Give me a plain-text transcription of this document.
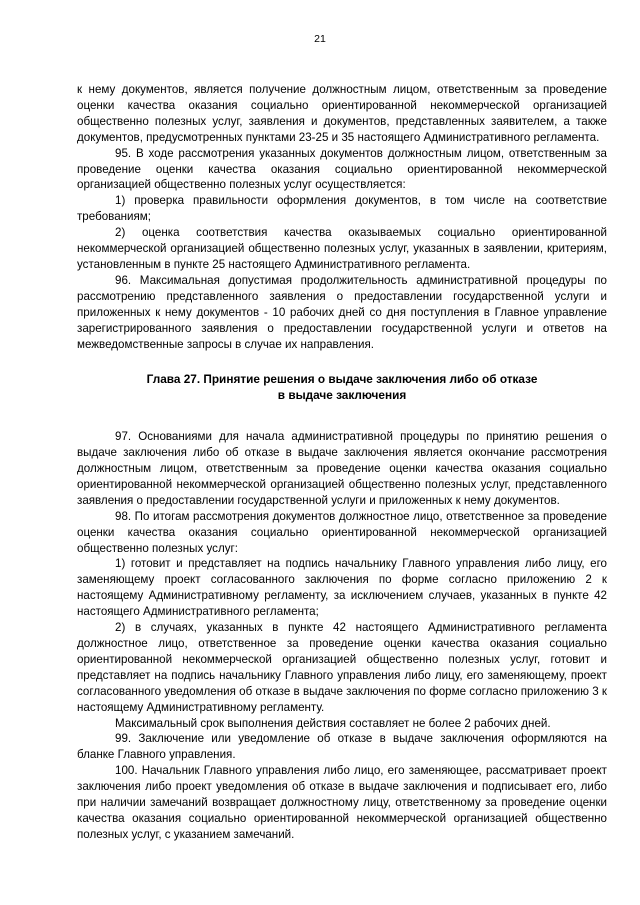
21

к нему документов, является получение должностным лицом, ответственным за проведение оценки качества оказания социально ориентированной некоммерческой организацией общественно полезных услуг, заявления и документов, представленных заявителем, а также документов, предусмотренных пунктами 23-25 и 35 настоящего Административного регламента.

95. В ходе рассмотрения указанных документов должностным лицом, ответственным за проведение оценки качества оказания социально ориентированной некоммерческой организацией общественно полезных услуг осуществляется:

1) проверка правильности оформления документов, в том числе на соответствие требованиям;

2) оценка соответствия качества оказываемых социально ориентированной некоммерческой организацией общественно полезных услуг, указанных в заявлении, критериям, установленным в пункте 25 настоящего Административного регламента.

96. Максимальная допустимая продолжительность административной процедуры по рассмотрению представленного заявления о предоставлении государственной услуги и приложенных к нему документов - 10 рабочих дней со дня поступления в Главное управление зарегистрированного заявления о предоставлении государственной услуги и ответов на межведомственные запросы в случае их направления.

Глава 27. Принятие решения о выдаче заключения либо об отказе
в выдаче заключения

97. Основаниями для начала административной процедуры по принятию решения о выдаче заключения либо об отказе в выдаче заключения является окончание рассмотрения должностным лицом, ответственным за проведение оценки качества оказания социально ориентированной некоммерческой организацией общественно полезных услуг, представленного заявления о предоставлении государственной услуги и приложенных к нему документов.

98. По итогам рассмотрения документов должностное лицо, ответственное за проведение оценки качества оказания социально ориентированной некоммерческой организацией общественно полезных услуг:

1) готовит и представляет на подпись начальнику Главного управления либо лицу, его заменяющему проект согласованного заключения по форме согласно приложению 2 к настоящему Административному регламенту, за исключением случаев, указанных в пункте 42 настоящего Административного регламента;

2) в случаях, указанных в пункте 42 настоящего Административного регламента должностное лицо, ответственное за проведение оценки качества оказания социально ориентированной некоммерческой организацией общественно полезных услуг, готовит и представляет на подпись начальнику Главного управления либо лицу, его заменяющему, проект согласованного уведомления об отказе в выдаче заключения по форме согласно приложению 3 к настоящему Административному регламенту.

Максимальный срок выполнения действия составляет не более 2 рабочих дней.

99. Заключение или уведомление об отказе в выдаче заключения оформляются на бланке Главного управления.

100. Начальник Главного управления либо лицо, его заменяющее, рассматривает проект заключения либо проект уведомления об отказе в выдаче заключения и подписывает его, либо при наличии замечаний возвращает должностному лицу, ответственному за проведение оценки качества оказания социально ориентированной некоммерческой организацией общественно полезных услуг, с указанием замечаний.
